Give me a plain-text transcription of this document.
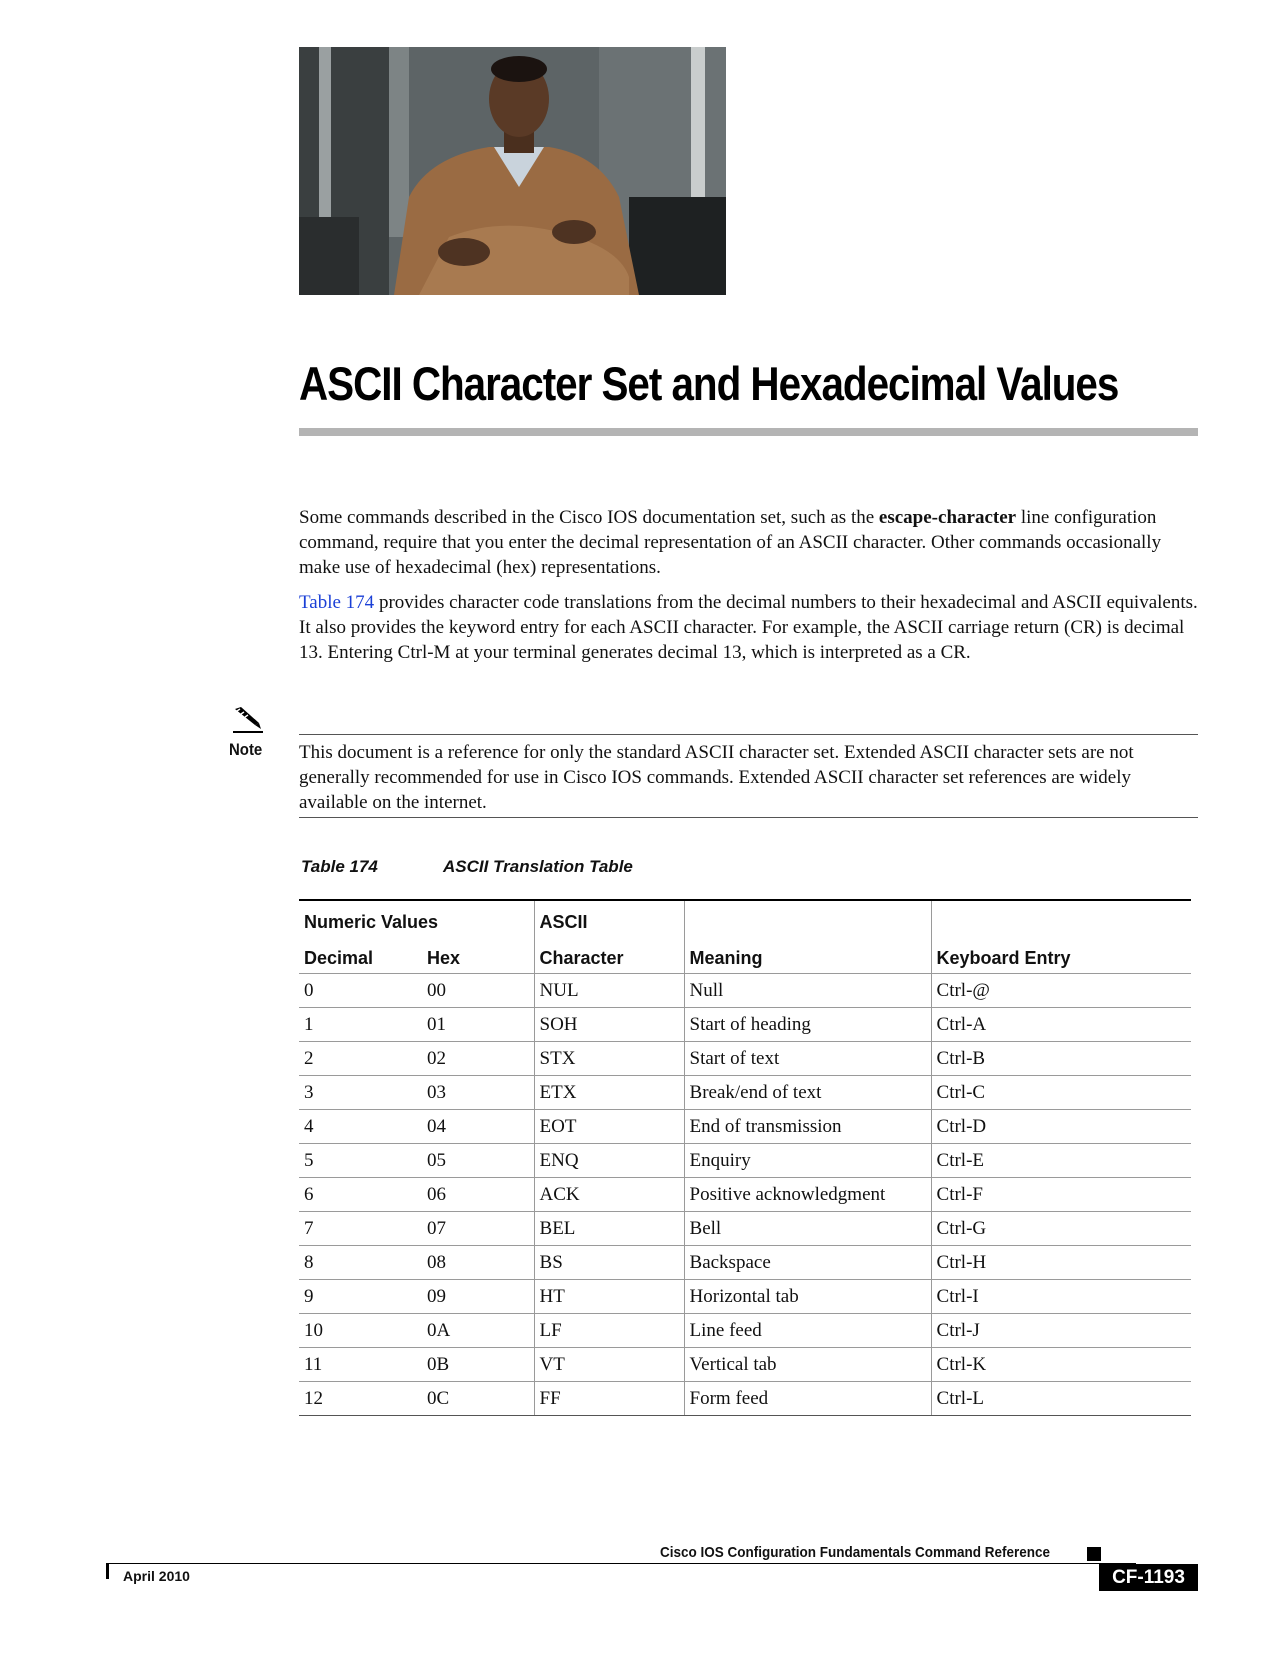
ASCII Character Set and Hexadecimal Values

Some commands described in the Cisco IOS documentation set, such as the escape-character line configuration command, require that you enter the decimal representation of an ASCII character. Other commands occasionally make use of hexadecimal (hex) representations.

Table 174 provides character code translations from the decimal numbers to their hexadecimal and ASCII equivalents. It also provides the keyword entry for each ASCII character. For example, the ASCII carriage return (CR) is decimal 13. Entering Ctrl-M at your terminal generates decimal 13, which is interpreted as a CR.

Note This document is a reference for only the standard ASCII character set. Extended ASCII character sets are not generally recommended for use in Cisco IOS commands. Extended ASCII character set references are widely available on the internet.

Table 174	ASCII Translation Table
Numeric Values		ASCII		
Decimal	Hex	Character	Meaning	Keyboard Entry
0	00	NUL	Null	Ctrl-@
1	01	SOH	Start of heading	Ctrl-A
2	02	STX	Start of text	Ctrl-B
3	03	ETX	Break/end of text	Ctrl-C
4	04	EOT	End of transmission	Ctrl-D
5	05	ENQ	Enquiry	Ctrl-E
6	06	ACK	Positive acknowledgment	Ctrl-F
7	07	BEL	Bell	Ctrl-G
8	08	BS	Backspace	Ctrl-H
9	09	HT	Horizontal tab	Ctrl-I
10	0A	LF	Line feed	Ctrl-J
11	0B	VT	Vertical tab	Ctrl-K
12	0C	FF	Form feed	Ctrl-L
Cisco IOS Configuration Fundamentals Command Reference
April 2010	CF-1193
